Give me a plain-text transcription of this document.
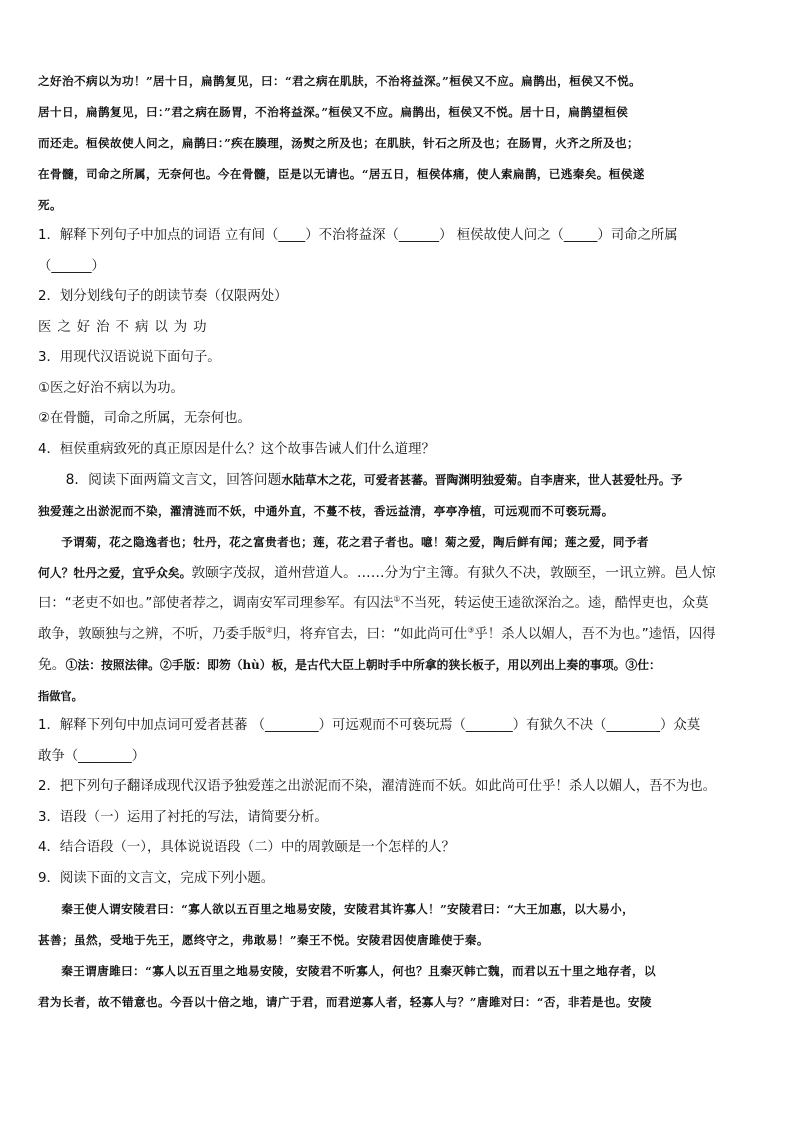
之好治不病以为功！”居十日，扁鹊复见，曰：“君之病在肌肤，不治将益深。”桓侯又不应。扁鹊出，桓侯又不悦。

居十日，扁鹊复见，曰：”君之病在肠胃，不治将益深。”桓侯又不应。扁鹊出，桓侯又不悦。居十日，扁鹊望桓侯

而还走。桓侯故使人问之，扁鹊曰：”疾在腠理，汤熨之所及也；在肌肤，针石之所及也；在肠胃，火齐之所及也；

在骨髓，司命之所属，无奈何也。今在骨髓，臣是以无请也。“居五日，桓侯体痛，使人索扁鹊，已逃秦矣。桓侯遂

死。

1．解释下列句子中加点的词语 立有间（____）不治将益深（______） 桓侯故使人问之（_____）司命之所属

（______）

2．划分划线句子的朗读节奏（仅限两处）

医之好治不病以为功

3．用现代汉语说说下面句子。

①医之好治不病以为功。

②在骨髓，司命之所属，无奈何也。

4．桓侯重病致死的真正原因是什么？这个故事告诫人们什么道理？

8．阅读下面两篇文言文，回答问题水陆草木之花，可爱者甚蕃。晋陶渊明独爱菊。自李唐来，世人甚爱牡丹。予

独爱莲之出淤泥而不染，濯清涟而不妖，中通外直，不蔓不枝，香远益清，亭亭净植，可远观而不可亵玩焉。

予谓菊，花之隐逸者也；牡丹，花之富贵者也；莲，花之君子者也。噫！菊之爱，陶后鲜有闻；莲之爱，同予者

何人？牡丹之爱，宜乎众矣。敦颐字茂叔，道州营道人。……分为宁主簿。有狱久不决，敦颐至，一讯立辨。邑人惊

曰：“老吏不如也。”部使者荐之，调南安军司理参军。有囚法①不当死，转运使王逵欲深治之。逵，酷悍吏也，众莫

敢争，敦颐独与之辨，不听，乃委手版②归，将弃官去，曰：“如此尚可仕③乎！杀人以媚人，吾不为也。”逵悟，囚得

免。①法：按照法律。②手版：即笏（hù）板，是古代大臣上朝时手中所拿的狭长板子，用以列出上奏的事项。③仕：

指做官。

1．解释下列句中加点词可爱者甚蕃 （________）可远观而不可亵玩焉（_______）有狱久不决（________）众莫

敢争（________）

2．把下列句子翻译成现代汉语予独爱莲之出淤泥而不染，濯清涟而不妖。如此尚可仕乎！杀人以媚人，吾不为也。

3．语段（一）运用了衬托的写法，请简要分析。

4．结合语段（一），具体说说语段（二）中的周敦颐是一个怎样的人？

9．阅读下面的文言文，完成下列小题。

秦王使人谓安陵君曰：“寡人欲以五百里之地易安陵，安陵君其许寡人！”安陵君曰：“大王加惠，以大易小，

甚善；虽然，受地于先王，愿终守之，弗敢易！”秦王不悦。安陵君因使唐雎使于秦。

秦王谓唐雎曰：“寡人以五百里之地易安陵，安陵君不听寡人，何也？且秦灭韩亡魏，而君以五十里之地存者，以

君为长者，故不错意也。今吾以十倍之地，请广于君，而君逆寡人者，轻寡人与？”唐雎对曰：“否，非若是也。安陵
